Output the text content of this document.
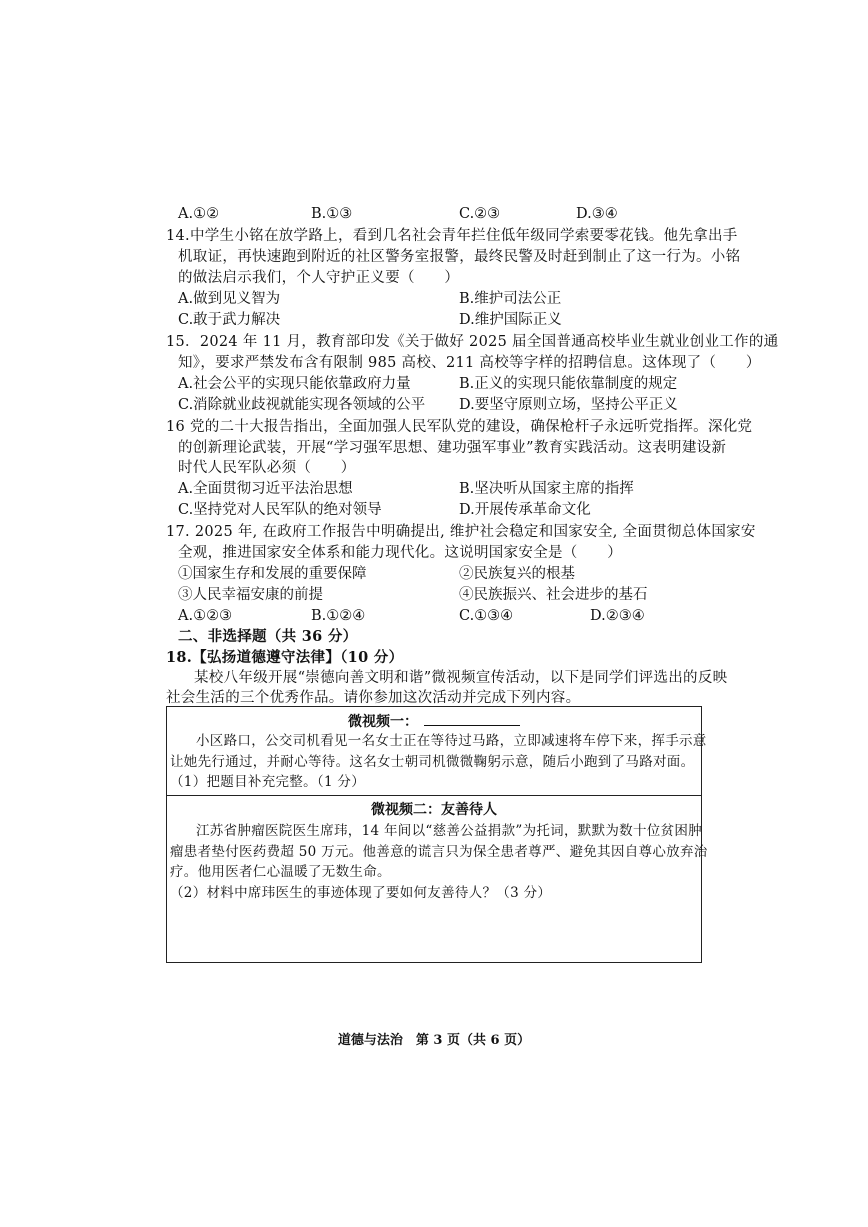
A.①②	B.①③	C.②③	D.③④
14.中学生小铭在放学路上，看到几名社会青年拦住低年级同学索要零花钱。他先拿出手
机取证，再快速跑到附近的社区警务室报警，最终民警及时赶到制止了这一行为。小铭
的做法启示我们，个人守护正义要（　　）
A.做到见义智为	B.维护司法公正
C.敢于武力解决	D.维护国际正义
15．2024 年 11 月，教育部印发《关于做好 2025 届全国普通高校毕业生就业创业工作的通
知》，要求严禁发布含有限制 985 高校、211 高校等字样的招聘信息。这体现了（　　）
A.社会公平的实现只能依靠政府力量	B.正义的实现只能依靠制度的规定
C.消除就业歧视就能实现各领域的公平 D.要坚守原则立场，坚持公平正义
16 党的二十大报告指出，全面加强人民军队党的建设，确保枪杆子永远听党指挥。深化党
的创新理论武装，开展“学习强军思想、建功强军事业”教育实践活动。这表明建设新
时代人民军队必须（　　）
A.全面贯彻习近平法治思想	B.坚决听从国家主席的指挥
C.坚持党对人民军队的绝对领导	D.开展传承革命文化
17. 2025 年, 在政府工作报告中明确提出, 维护社会稳定和国家安全, 全面贯彻总体国家安
全观，推进国家安全体系和能力现代化。这说明国家安全是（　　）
①国家生存和发展的重要保障	②民族复兴的根基
③人民幸福安康的前提	④民族振兴、社会进步的基石
A.①②③	B.①②④	C.①③④	D.②③④
二、非选择题（共 36 分）
18.【弘扬道德遵守法律】（10 分）
某校八年级开展“崇德向善文明和谐”微视频宣传活动，以下是同学们评选出的反映
社会生活的三个优秀作品。请你参加这次活动并完成下列内容。
微视频一：
小区路口，公交司机看见一名女士正在等待过马路，立即减速将车停下来，挥手示意
让她先行通过，并耐心等待。这名女士朝司机微微鞠躬示意，随后小跑到了马路对面。
（1）把题目补充完整。（1 分）
微视频二：友善待人
江苏省肿瘤医院医生席玮，14 年间以“慈善公益捐款”为托词，默默为数十位贫困肿
瘤患者垫付医药费超 50 万元。他善意的谎言只为保全患者尊严、避免其因自尊心放弃治
疗。他用医者仁心温暖了无数生命。
（2）材料中席玮医生的事迹体现了要如何友善待人？（3 分）
道德与法治　第 3 页（共 6 页）
